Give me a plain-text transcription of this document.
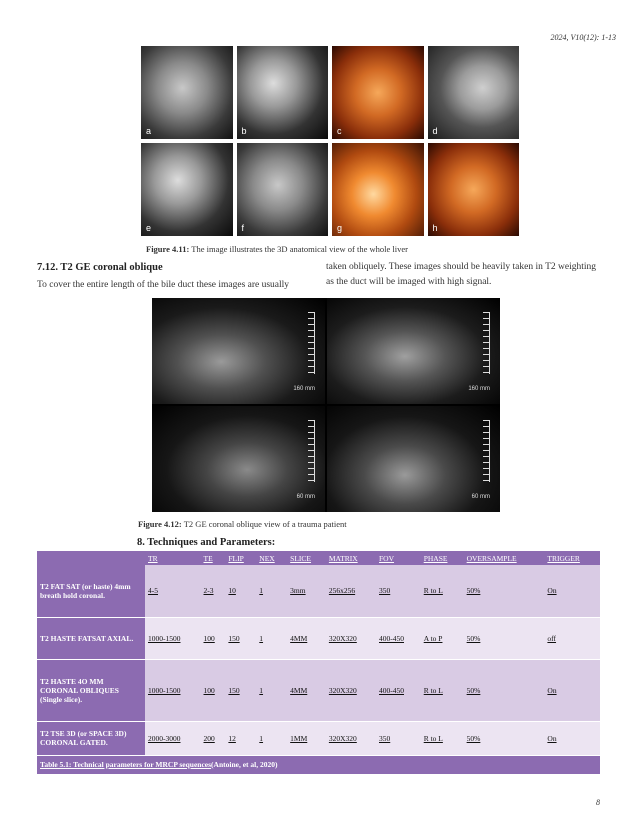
2024, V10(12): 1-13
a	b	c	d
e	f	g	h
Figure 4.11: The image illustrates the 3D anatomical view of the whole liver
7.12. T2 GE coronal oblique
To cover the entire length of the bile duct these images are usually
taken obliquely. These images should be heavily taken in T2 weighting as the duct will be imaged with high signal.
160 mm	160 mm
60 mm	60 mm
Figure 4.12: T2 GE coronal oblique view of a trauma patient
8. Techniques and Parameters:
	TR	TE	FLIP	NEX	SLICE	MATRIX	FOV	PHASE	OVERSAMPLE	TRIGGER
T2 FAT SAT (or haste) 4mm breath hold coronal.	4-5	2-3	10	1	3mm	256x256	350	R to L	50%	On
T2 HASTE FATSAT AXIAL.	1000-1500	100	150	1	4MM	320X320	400-450	A to P	50%	off
T2 HASTE 4O MM CORONAL OBLIQUES (Single slice).	1000-1500	100	150	1	4MM	320X320	400-450	R to L	50%	On
T2 TSE 3D (or SPACE 3D) CORONAL GATED.	2000-3000	200	12	1	1MM	320X320	350	R to L	50%	On
Table 5.1: Technical parameters for MRCP sequences(Antoine, et al, 2020)										
8
